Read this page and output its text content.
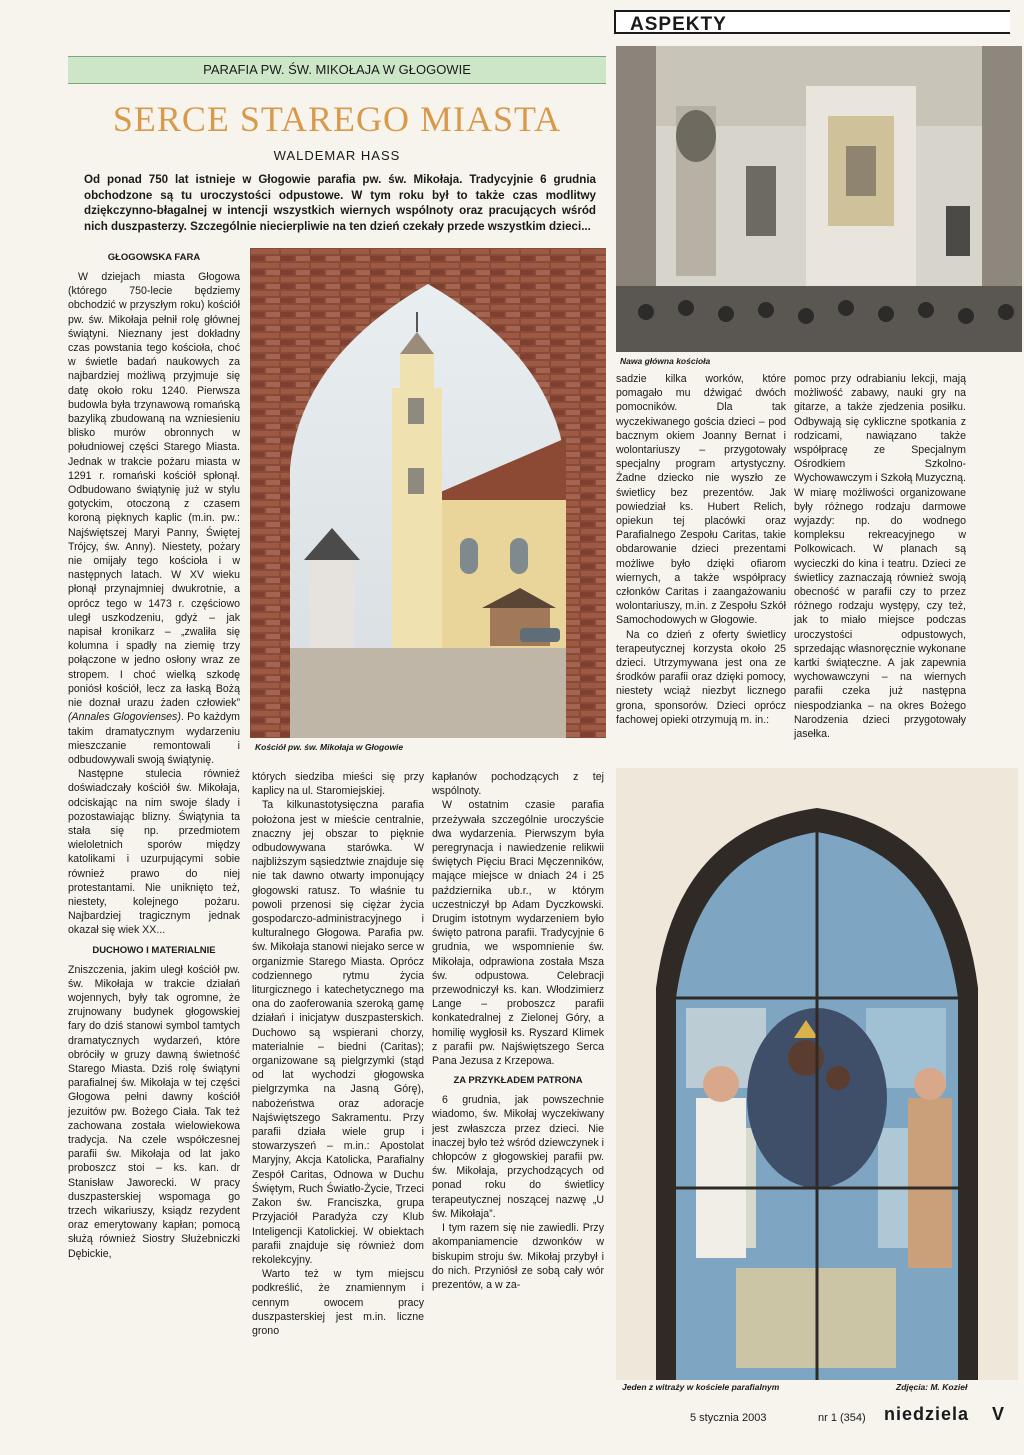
ASPEKTY
PARAFIA PW. ŚW. MIKOŁAJA W GŁOGOWIE
SERCE STAREGO MIASTA
WALDEMAR HASS
Od ponad 750 lat istnieje w Głogowie parafia pw. św. Mikołaja. Tradycyjnie 6 grudnia obchodzone są tu uroczystości odpustowe. W tym roku był to także czas modlitwy dziękczynno-błagalnej w intencji wszystkich wiernych wspólnoty oraz pracujących wśród nich duszpasterzy. Szczególnie niecierpliwie na ten dzień czekały przede wszystkim dzieci...
GŁOGOWSKA FARA

W dziejach miasta Głogowa (którego 750-lecie będziemy obchodzić w przyszłym roku) kościół pw. św. Mikołaja pełnił rolę głównej świątyni. Nieznany jest dokładny czas powstania tego kościoła, choć w świetle badań naukowych za najbardziej możliwą przyjmuje się datę około roku 1240. Pierwsza budowla była trzynawową romańską bazyliką zbudowaną na wzniesieniu blisko murów obronnych w południowej części Starego Miasta. Jednak w trakcie pożaru miasta w 1291 r. romański kościół spłonął. Odbudowano świątynię już w stylu gotyckim, otoczoną z czasem koroną pięknych kaplic (m.in. pw.: Najświętszej Maryi Panny, Świętej Trójcy, św. Anny). Niestety, pożary nie omijały tego kościoła i w następnych latach. W XV wieku płonął przynajmniej dwukrotnie, a oprócz tego w 1473 r. częściowo uległ uszkodzeniu, gdyż – jak napisał kronikarz – „zwaliła się kolumna i spadły na ziemię trzy połączone w jedno osłony wraz ze stropem. I choć wielką szkodę poniósł kościół, lecz za łaską Bożą nie doznał urazu żaden człowiek” (Annales Glogovienses). Po każdym takim dramatycznym wydarzeniu mieszczanie remontowali i odbudowywali swoją świątynię.

Następne stulecia również doświadczały kościół św. Mikołaja, odciskając na nim swoje ślady i pozostawiając blizny. Świątynia ta stała się np. przedmiotem wieloletnich sporów między katolikami i uzurpującymi sobie również prawo do niej protestantami. Nie uniknięto też, niestety, kolejnego pożaru. Najbardziej tragicznym jednak okazał się wiek XX...

DUCHOWO I MATERIALNIE

Zniszczenia, jakim uległ kościół pw. św. Mikołaja w trakcie działań wojennych, były tak ogromne, że zrujnowany budynek głogowskiej fary do dziś stanowi symbol tamtych dramatycznych wydarzeń, które obróciły w gruzy dawną świetność Starego Miasta. Dziś rolę świątyni parafialnej św. Mikołaja w tej części Głogowa pełni dawny kościół jezuitów pw. Bożego Ciała. Tak też zachowana została wielowiekowa tradycja. Na czele współczesnej parafii św. Mikołaja od lat jako proboszcz stoi – ks. kan. dr Stanisław Jaworecki. W pracy duszpasterskiej wspomaga go trzech wikariuszy, ksiądz rezydent oraz emerytowany kapłan; pomocą służą również Siostry Służebniczki Dębickie,

Kościół pw. św. Mikołaja w Głogowie

których siedziba mieści się przy kaplicy na ul. Staromiejskiej.

Ta kilkunastotysięczna parafia położona jest w mieście centralnie, znaczny jej obszar to pięknie odbudowywana starówka. W najbliższym sąsiedztwie znajduje się nie tak dawno otwarty imponujący głogowski ratusz. To właśnie tu powoli przenosi się ciężar życia gospodarczo-administracyjnego i kulturalnego Głogowa. Parafia pw. św. Mikołaja stanowi niejako serce w organizmie Starego Miasta. Oprócz codziennego rytmu życia liturgicznego i katechetycznego ma ona do zaoferowania szeroką gamę działań i inicjatyw duszpasterskich. Duchowo są wspierani chorzy, materialnie – biedni (Caritas); organizowane są pielgrzymki (stąd od lat wychodzi głogowska pielgrzymka na Jasną Górę), nabożeństwa oraz adoracje Najświętszego Sakramentu. Przy parafii działa wiele grup i stowarzyszeń – m.in.: Apostolat Maryjny, Akcja Katolicka, Parafialny Zespół Caritas, Odnowa w Duchu Świętym, Ruch Światło-Życie, Trzeci Zakon św. Franciszka, grupa Przyjaciół Paradyża czy Klub Inteligencji Katolickiej. W obiektach parafii znajduje się również dom rekolekcyjny.

Warto też w tym miejscu podkreślić, że znamiennym i cennym owocem pracy duszpasterskiej jest m.in. liczne grono

kapłanów pochodzących z tej wspólnoty.

W ostatnim czasie parafia przeżywała szczególnie uroczyście dwa wydarzenia. Pierwszym była peregrynacja i nawiedzenie relikwii świętych Pięciu Braci Męczenników, mające miejsce w dniach 24 i 25 października ub.r., w którym uczestniczył bp Adam Dyczkowski. Drugim istotnym wydarzeniem było święto patrona parafii. Tradycyjnie 6 grudnia, we wspomnienie św. Mikołaja, odprawiona została Msza św. odpustowa. Celebracji przewodniczył ks. kan. Włodzimierz Lange – proboszcz parafii konkatedralnej z Zielonej Góry, a homilię wygłosił ks. Ryszard Klimek z parafii pw. Najświętszego Serca Pana Jezusa z Krzepowa.

ZA PRZYKŁADEM PATRONA

6 grudnia, jak powszechnie wiadomo, św. Mikołaj wyczekiwany jest zwłaszcza przez dzieci. Nie inaczej było też wśród dziewczynek i chłopców z głogowskiej parafii pw. św. Mikołaja, przychodzących od ponad roku do świetlicy terapeutycznej noszącej nazwę „U św. Mikołaja”.

I tym razem się nie zawiedli. Przy akompaniamencie dzwonków w biskupim stroju św. Mikołaj przybył i do nich. Przyniósł ze sobą cały wór prezentów, a w za-

Nawa główna kościoła

sadzie kilka worków, które pomagało mu dźwigać dwóch pomocników. Dla tak wyczekiwanego gościa dzieci – pod bacznym okiem Joanny Bernat i wolontariuszy – przygotowały specjalny program artystyczny. Żadne dziecko nie wyszło ze świetlicy bez prezentów. Jak powiedział ks. Hubert Relich, opiekun tej placówki oraz Parafialnego Zespołu Caritas, takie obdarowanie dzieci prezentami możliwe było dzięki ofiarom wiernych, a także współpracy członków Caritas i zaangażowaniu wolontariuszy, m.in. z Zespołu Szkół Samochodowych w Głogowie.

Na co dzień z oferty świetlicy terapeutycznej korzysta około 25 dzieci. Utrzymywana jest ona ze środków parafii oraz dzięki pomocy, niestety wciąż niezbyt licznego grona, sponsorów. Dzieci oprócz fachowej opieki otrzymują m. in.:

pomoc przy odrabianiu lekcji, mają możliwość zabawy, nauki gry na gitarze, a także zjedzenia posiłku. Odbywają się cykliczne spotkania z rodzicami, nawiązano także współpracę ze Specjalnym Ośrodkiem Szkolno-Wychowawczym i Szkołą Muzyczną. W miarę możliwości organizowane były różnego rodzaju darmowe wyjazdy: np. do wodnego kompleksu rekreacyjnego w Polkowicach. W planach są wycieczki do kina i teatru. Dzieci ze świetlicy zaznaczają również swoją obecność w parafii czy to przez różnego rodzaju występy, czy też, jak to miało miejsce podczas uroczystości odpustowych, sprzedając własnoręcznie wykonane kartki świąteczne. A jak zapewnia wychowawczyni – na wiernych parafii czeka już następna niespodzianka – na okres Bożego Narodzenia dzieci przygotowały jasełka.

Jeden z witraży w kościele parafialnym	Zdjęcia: M. Kozieł
5 stycznia 2003	nr 1 (354) niedziela V
